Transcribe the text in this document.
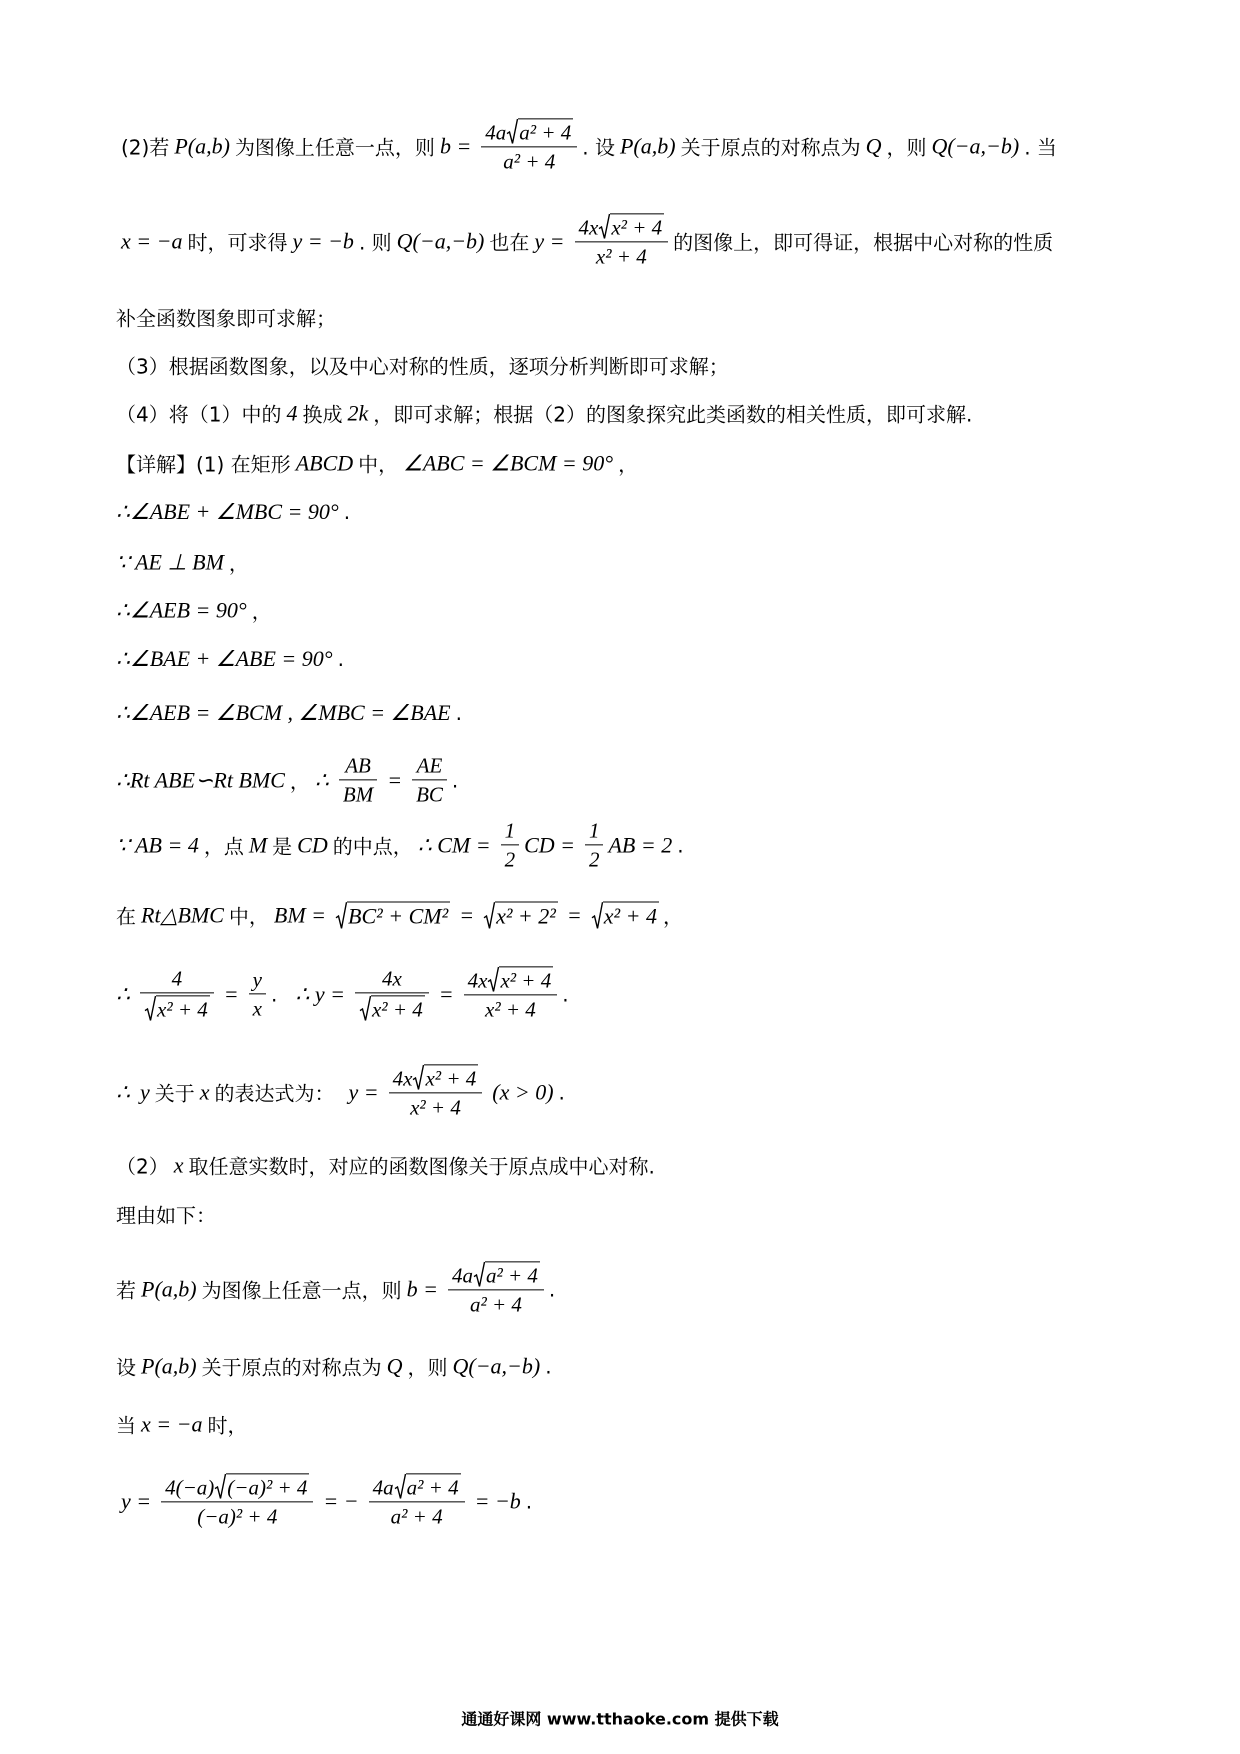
(2)若 P(a,b) 为图像上任意一点，则 $b = \frac{\text{4a a² + 4}}{\text{a² + 4}}$ . 设 P(a,b) 关于原点的对称点为 Q ，则 Q(−a,−b) . 当
x = −a 时，可求得 y = −b . 则 Q(−a,−b) 也在 $y = \frac{\text{4x x² + 4}}{\text{x² + 4}}$ 的图像上，即可得证，根据中心对称的性质
补全函数图象即可求解；
（3）根据函数图象，以及中心对称的性质，逐项分析判断即可求解；
（4）将（1）中的 4 换成 2k ，即可求解；根据（2）的图象探究此类函数的相关性质，即可求解.
【详解】(1) 在矩形 ABCD 中， ∠ABC = ∠BCM = 90° ，
∴∠ABE + ∠MBC = 90° .
∵ AE ⊥ BM ，
∴∠AEB = 90° ，
∴∠BAE + ∠ABE = 90° .
∴∠AEB = ∠BCM , ∠MBC = ∠BAE .
∴Rt ABE∽Rt BMC ， ∴ $\frac{AB}{BM} = \frac{AE}{BC}$ .
∵ AB = 4 ，点 M 是 CD 的中点， ∴ CM = $\frac{1}{2}$ CD = $\frac{1}{2}$ AB = 2 .
在 Rt△BMC 中， BM =	BC² + CM² =	x² + 2² =	x² + 4 ，
∴ $\frac{4}{\text{x² + 4}} = \frac{y}{x}$ . ∴ $y = \frac{4x}{\text{x² + 4}} = \frac{\text{4x x² + 4}}{\text{x² + 4}}$ .
∴ y 关于 x 的表达式为： $y = \frac{\text{4x x² + 4}}{\text{x² + 4}} (x > 0)$ .
（2） x 取任意实数时，对应的函数图像关于原点成中心对称.
理由如下：
若 P(a,b) 为图像上任意一点，则 $b = \frac{\text{4a a² + 4}}{\text{a² + 4}}$ .
设 P(a,b) 关于原点的对称点为 Q ，则 Q(−a,−b) .
当 x = −a 时，
$y = \frac{\text{4(−a) (−a)² + 4}}{\text{(−a)² + 4}}$ = − $\frac{\text{4a a² + 4}}{\text{a² + 4}} = -b$ .
通通好课网 www.tthaoke.com 提供下载
